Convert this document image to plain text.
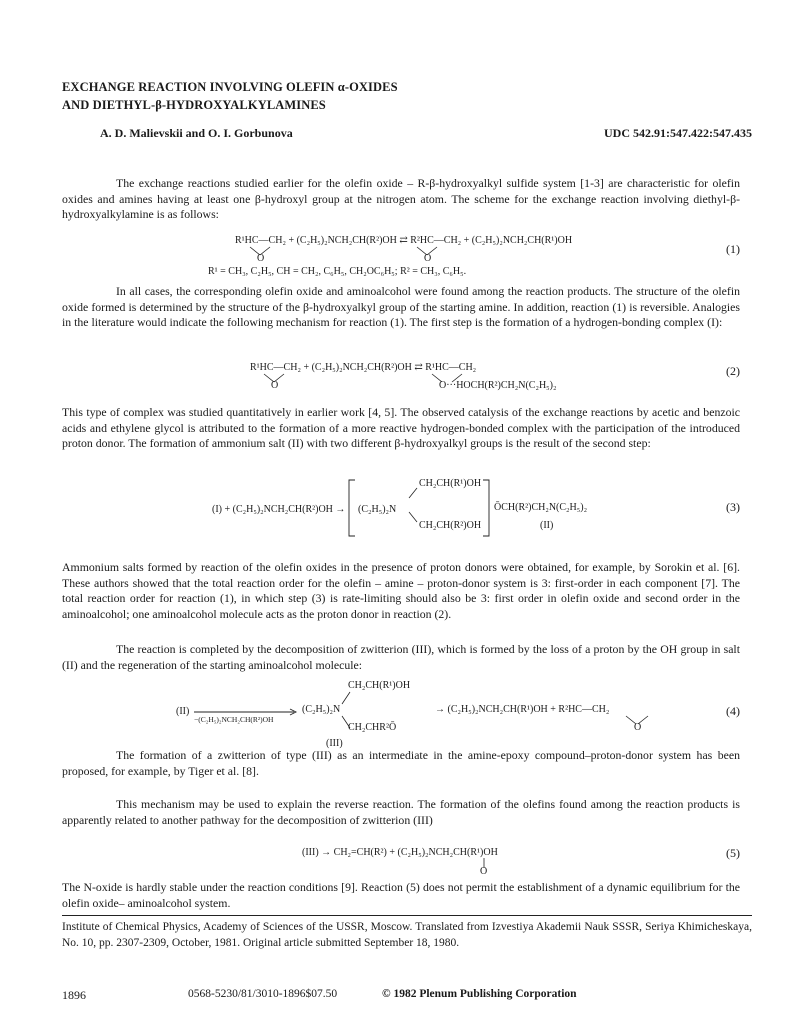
EXCHANGE REACTION INVOLVING OLEFIN α-OXIDES
AND DIETHYL-β-HYDROXYALKYLAMINES
A. D. Malievskii and O. I. Gorbunova	UDC 542.91:547.422:547.435
The exchange reactions studied earlier for the olefin oxide – R-β-hydroxyalkyl sulfide system [1-3] are characteristic for olefin oxides and amines having at least one β-hydroxyl group at the nitrogen atom. The scheme for the exchange reaction involving diethyl-β-hydroxyalkylamine is as follows:
R¹HC—CH₂ + (C₂H₅)₂NCH₂CH(R²)OH ⇄ R²HC—CH₂ + (C₂H₅)₂NCH₂CH(R¹)OH
O	O
R¹ = CH₃, C₂H₅, CH = CH₂, C₆H₅, CH₂OC₆H₅; R² = CH₃, C₆H₅.
(1)
In all cases, the corresponding olefin oxide and aminoalcohol were found among the reaction products. The structure of the olefin oxide formed is determined by the structure of the β-hydroxyalkyl group of the starting amine. In addition, reaction (1) is reversible. Analogies in the literature would indicate the following mechanism for reaction (1). The first step is the formation of a hydrogen-bonding complex (I):
R¹HC—CH₂ + (C₂H₅)₂NCH₂CH(R²)OH ⇄ R¹HC—CH₂
O	O···HOCH(R²)CH₂N(C₂H₅)₂
(2)
This type of complex was studied quantitatively in earlier work [4, 5]. The observed catalysis of the exchange reactions by acetic and benzoic acids and ethylene glycol is attributed to the formation of a more reactive hydrogen-bonded complex with the participation of the introduced proton donor. The formation of ammonium salt (II) with two different β-hydroxyalkyl groups is the result of the second step:
(I) + (C₂H₅)₂NCH₂CH(R²)OH →
CH₂CH(R¹)OH
(C₂H₅)₂N
CH₂CH(R²)OH
ŌCH(R²)CH₂N(C₂H₅)₂
(II)
(3)
Ammonium salts formed by reaction of the olefin oxides in the presence of proton donors were obtained, for example, by Sorokin et al. [6]. These authors showed that the total reaction order for the olefin – amine – proton-donor system is 3: first-order in each component [7]. The total reaction order for reaction (1), in which step (3) is rate-limiting should also be 3: first order in olefin oxide and second order in the aminoalcohol; one aminoalcohol molecule acts as the proton donor in reaction (2).
The reaction is completed by the decomposition of zwitterion (III), which is formed by the loss of a proton by the OH group in salt (II) and the regeneration of the starting aminoalcohol molecule:
(II)
−(C₂H₅)₂NCH₂CH(R²)OH
CH₂CH(R¹)OH
(C₂H₅)₂N
CH₂CHR²Ō
(III)
→ (C₂H₅)₂NCH₂CH(R¹)OH + R²HC—CH₂
O
(4)
The formation of a zwitterion of type (III) as an intermediate in the amine-epoxy compound–proton-donor system has been proposed, for example, by Tiger et al. [8].
This mechanism may be used to explain the reverse reaction. The formation of the olefins found among the reaction products is apparently related to another pathway for the decomposition of zwitterion (III)
(III) → CH₂=CH(R²) + (C₂H₅)₂NCH₂CH(R¹)OH
O
(5)
The N-oxide is hardly stable under the reaction conditions [9]. Reaction (5) does not permit the establishment of a dynamic equilibrium for the olefin oxide– aminoalcohol system.
Institute of Chemical Physics, Academy of Sciences of the USSR, Moscow. Translated from Izvestiya Akademii Nauk SSSR, Seriya Khimicheskaya, No. 10, pp. 2307-2309, October, 1981. Original article submitted September 18, 1980.
1896	0568-5230/81/3010-1896$07.50	© 1982 Plenum Publishing Corporation
